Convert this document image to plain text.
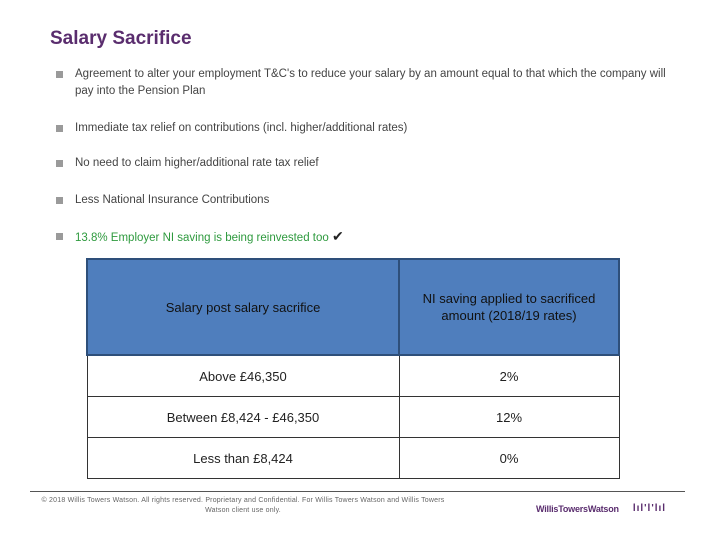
Salary Sacrifice
Agreement to alter your employment T&C's to reduce your salary by an amount equal to that which the company will pay into the Pension Plan
Immediate tax relief on contributions (incl. higher/additional rates)
No need to claim higher/additional rate tax relief
Less National Insurance Contributions
13.8% Employer NI saving is being reinvested too ✔
Salary post salary sacrifice	NI saving applied to sacrificed amount (2018/19 rates)
Above £46,350	2%
Between £8,424 - £46,350	12%
Less than £8,424	0%
© 2018 Willis Towers Watson. All rights reserved. Proprietary and Confidential. For Willis Towers Watson and Willis Towers Watson client use only.	WillisTowersWatson lıl'l'lıl
